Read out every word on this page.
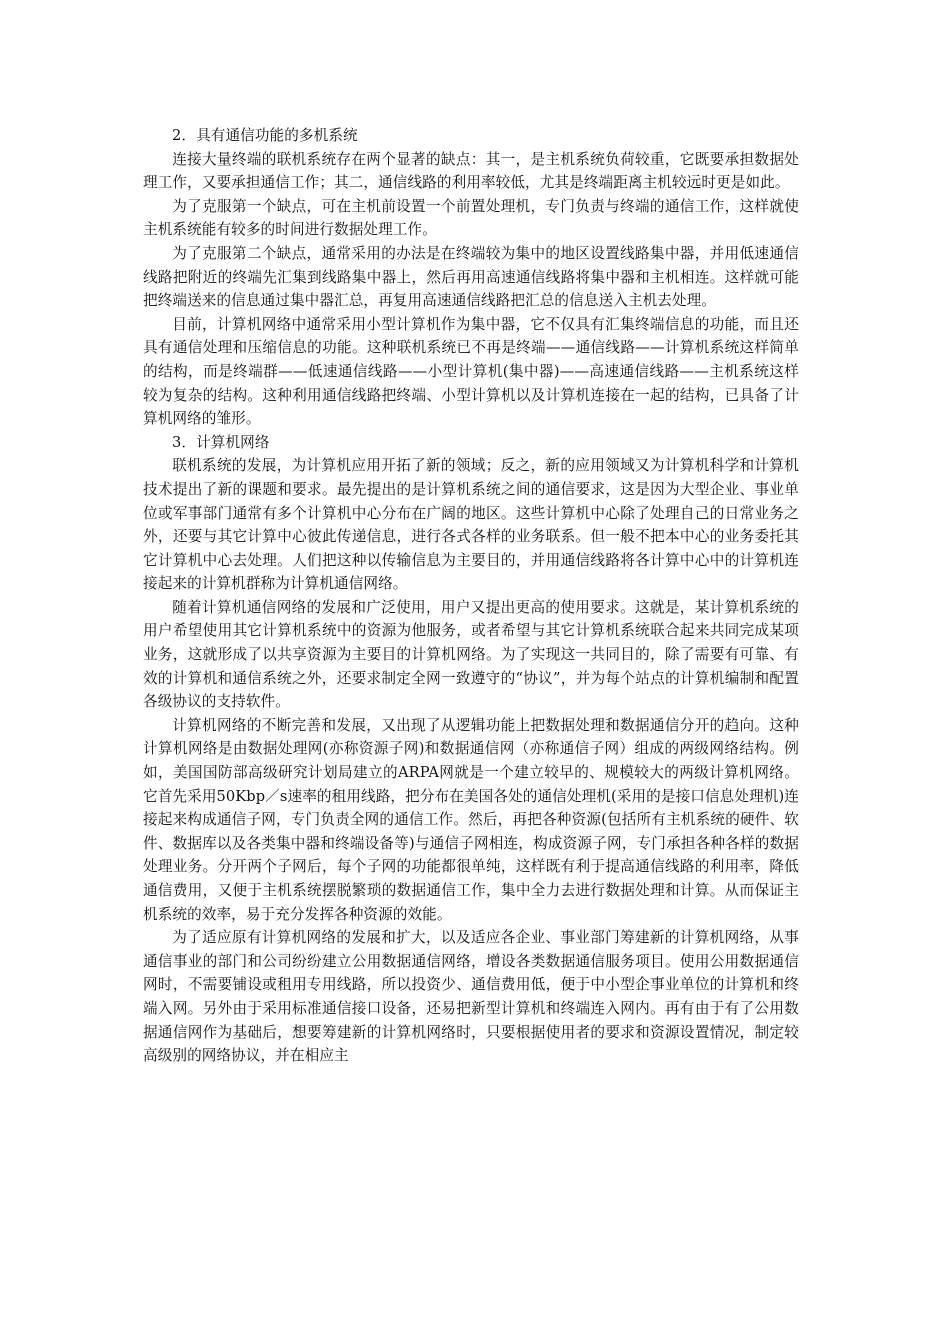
2．具有通信功能的多机系统

连接大量终端的联机系统存在两个显著的缺点：其一，是主机系统负荷较重，它既要承担数据处理工作，又要承担通信工作；其二，通信线路的利用率较低，尤其是终端距离主机较远时更是如此。

为了克服第一个缺点，可在主机前设置一个前置处理机，专门负责与终端的通信工作，这样就使主机系统能有较多的时间进行数据处理工作。

为了克服第二个缺点，通常采用的办法是在终端较为集中的地区设置线路集中器，并用低速通信线路把附近的终端先汇集到线路集中器上，然后再用高速通信线路将集中器和主机相连。这样就可能把终端送来的信息通过集中器汇总，再复用高速通信线路把汇总的信息送入主机去处理。

目前，计算机网络中通常采用小型计算机作为集中器，它不仅具有汇集终端信息的功能，而且还具有通信处理和压缩信息的功能。这种联机系统已不再是终端——通信线路——计算机系统这样简单的结构，而是终端群——低速通信线路——小型计算机(集中器)——高速通信线路——主机系统这样较为复杂的结构。这种利用通信线路把终端、小型计算机以及计算机连接在一起的结构，已具备了计算机网络的雏形。

3．计算机网络

联机系统的发展，为计算机应用开拓了新的领域；反之，新的应用领域又为计算机科学和计算机技术提出了新的课题和要求。最先提出的是计算机系统之间的通信要求，这是因为大型企业、事业单位或军事部门通常有多个计算机中心分布在广阔的地区。这些计算机中心除了处理自己的日常业务之外，还要与其它计算中心彼此传递信息，进行各式各样的业务联系。但一般不把本中心的业务委托其它计算机中心去处理。人们把这种以传输信息为主要目的，并用通信线路将各计算中心中的计算机连接起来的计算机群称为计算机通信网络。

随着计算机通信网络的发展和广泛使用，用户又提出更高的使用要求。这就是，某计算机系统的用户希望使用其它计算机系统中的资源为他服务，或者希望与其它计算机系统联合起来共同完成某项业务，这就形成了以共享资源为主要目的计算机网络。为了实现这一共同目的，除了需要有可靠、有效的计算机和通信系统之外，还要求制定全网一致遵守的“协议”，并为每个站点的计算机编制和配置各级协议的支持软件。

计算机网络的不断完善和发展，又出现了从逻辑功能上把数据处理和数据通信分开的趋向。这种计算机网络是由数据处理网(亦称资源子网)和数据通信网（亦称通信子网）组成的两级网络结构。例如，美国国防部高级研究计划局建立的ARPA网就是一个建立较早的、规模较大的两级计算机网络。它首先采用50Kbp／s速率的租用线路，把分布在美国各处的通信处理机(采用的是接口信息处理机)连接起来构成通信子网，专门负责全网的通信工作。然后，再把各种资源(包括所有主机系统的硬件、软件、数据库以及各类集中器和终端设备等)与通信子网相连，构成资源子网，专门承担各种各样的数据处理业务。分开两个子网后，每个子网的功能都很单纯，这样既有利于提高通信线路的利用率，降低通信费用，又便于主机系统摆脱繁琐的数据通信工作，集中全力去进行数据处理和计算。从而保证主机系统的效率，易于充分发挥各种资源的效能。

为了适应原有计算机网络的发展和扩大，以及适应各企业、事业部门筹建新的计算机网络，从事通信事业的部门和公司纷纷建立公用数据通信网络，增设各类数据通信服务项目。使用公用数据通信网时，不需要铺设或租用专用线路，所以投资少、通信费用低，便于中小型企事业单位的计算机和终端入网。另外由于采用标准通信接口设备，还易把新型计算机和终端连入网内。再有由于有了公用数据通信网作为基础后，想要筹建新的计算机网络时，只要根据使用者的要求和资源设置情况，制定较高级别的网络协议，并在相应主
